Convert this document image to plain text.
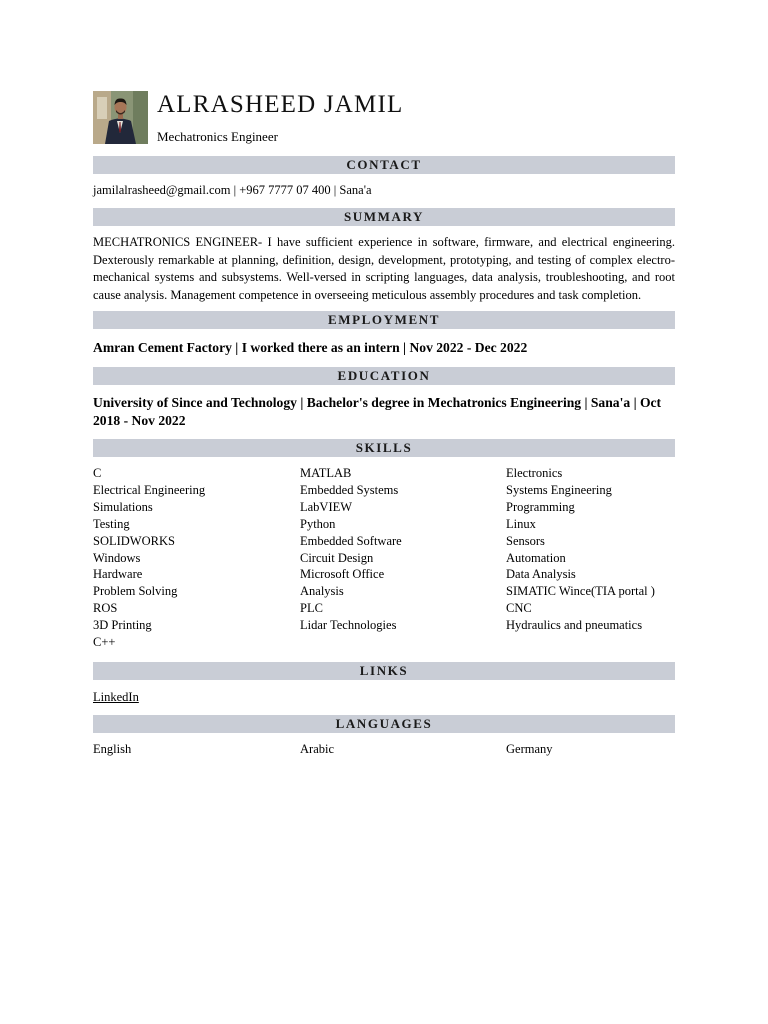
ALRASHEED JAMIL
Mechatronics Engineer
CONTACT
jamilalrasheed@gmail.com | +967 7777 07 400 | Sana'a
SUMMARY
MECHATRONICS ENGINEER- I have sufficient experience in software, firmware, and electrical engineering. Dexterously remarkable at planning, definition, design, development, prototyping, and testing of complex electro-mechanical systems and subsystems. Well-versed in scripting languages, data analysis, troubleshooting, and root cause analysis. Management competence in overseeing meticulous assembly procedures and task completion.
EMPLOYMENT
Amran Cement Factory | I worked there as an intern | Nov 2022 - Dec 2022
EDUCATION
University of Since and Technology | Bachelor's degree in Mechatronics Engineering | Sana'a | Oct 2018 - Nov 2022
SKILLS
C	MATLAB	Electronics
Electrical Engineering	Embedded Systems	Systems Engineering
Simulations	LabVIEW	Programming
Testing	Python	Linux
SOLIDWORKS	Embedded Software	Sensors
Windows	Circuit Design	Automation
Hardware	Microsoft Office	Data Analysis
Problem Solving	Analysis	SIMATIC Wince(TIA portal )
ROS	PLC	CNC
3D Printing	Lidar Technologies	Hydraulics and pneumatics
C++
LINKS
LinkedIn
LANGUAGES
English	Arabic	Germany
